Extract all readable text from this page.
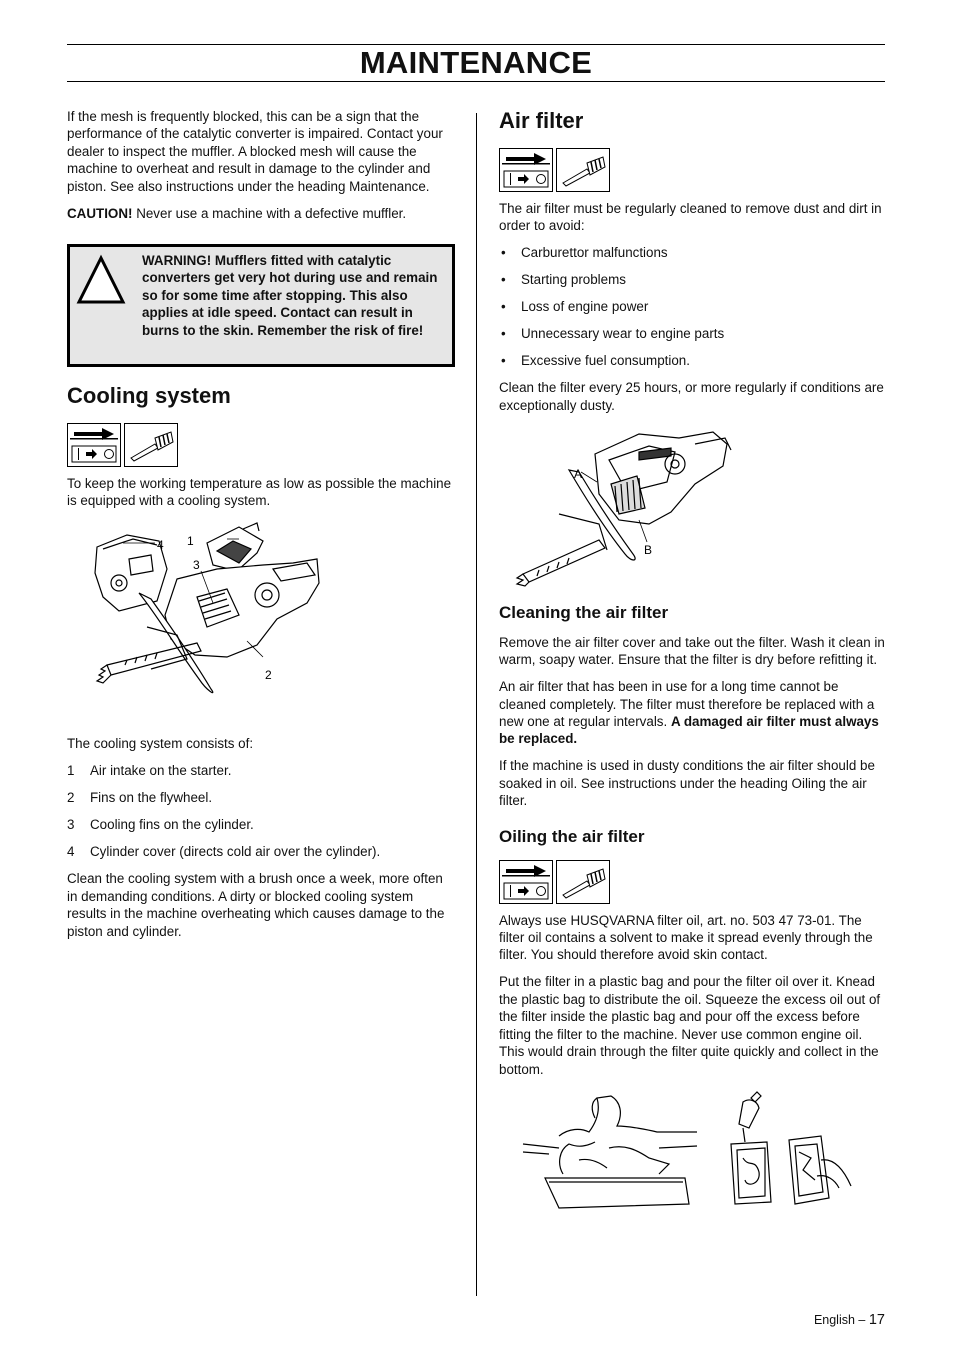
MAINTENANCE

If the mesh is frequently blocked, this can be a sign that the performance of the catalytic converter is impaired. Contact your dealer to inspect the muffler. A blocked mesh will cause the machine to overheat and result in damage to the cylinder and piston. See also instructions under the heading Maintenance.

CAUTION! Never use a machine with a defective muffler.

WARNING! Mufflers fitted with catalytic converters get very hot during use and remain so for some time after stopping. This also applies at idle speed. Contact can result in burns to the skin. Remember the risk of fire!
Cooling system

To keep the working temperature as low as possible the machine is equipped with a cooling system.

4 1
3
2

The cooling system consists of:

1	Air intake on the starter.
2	Fins on the flywheel.
3	Cooling fins on the cylinder.
4	Cylinder cover (directs cold air over the cylinder).

Clean the cooling system with a brush once a week, more often in demanding conditions. A dirty or blocked cooling system results in the machine overheating which causes damage to the piston and cylinder.

Air filter

The air filter must be regularly cleaned to remove dust and dirt in order to avoid:

• Carburettor malfunctions
• Starting problems
• Loss of engine power
• Unnecessary wear to engine parts
• Excessive fuel consumption.

Clean the filter every 25 hours, or more regularly if conditions are exceptionally dusty.

A
B
Cleaning the air filter

Remove the air filter cover and take out the filter. Wash it clean in warm, soapy water. Ensure that the filter is dry before refitting it.

An air filter that has been in use for a long time cannot be cleaned completely. The filter must therefore be replaced with a new one at regular intervals. A damaged air filter must always be replaced.

If the machine is used in dusty conditions the air filter should be soaked in oil. See instructions under the heading Oiling the air filter.

Oiling the air filter

Always use HUSQVARNA filter oil, art. no. 503 47 73-01. The filter oil contains a solvent to make it spread evenly through the filter. You should therefore avoid skin contact.

Put the filter in a plastic bag and pour the filter oil over it. Knead the plastic bag to distribute the oil. Squeeze the excess oil out of the filter inside the plastic bag and pour off the excess before fitting the filter to the machine. Never use common engine oil. This would drain through the filter quite quickly and collect in the bottom.

English – 17
